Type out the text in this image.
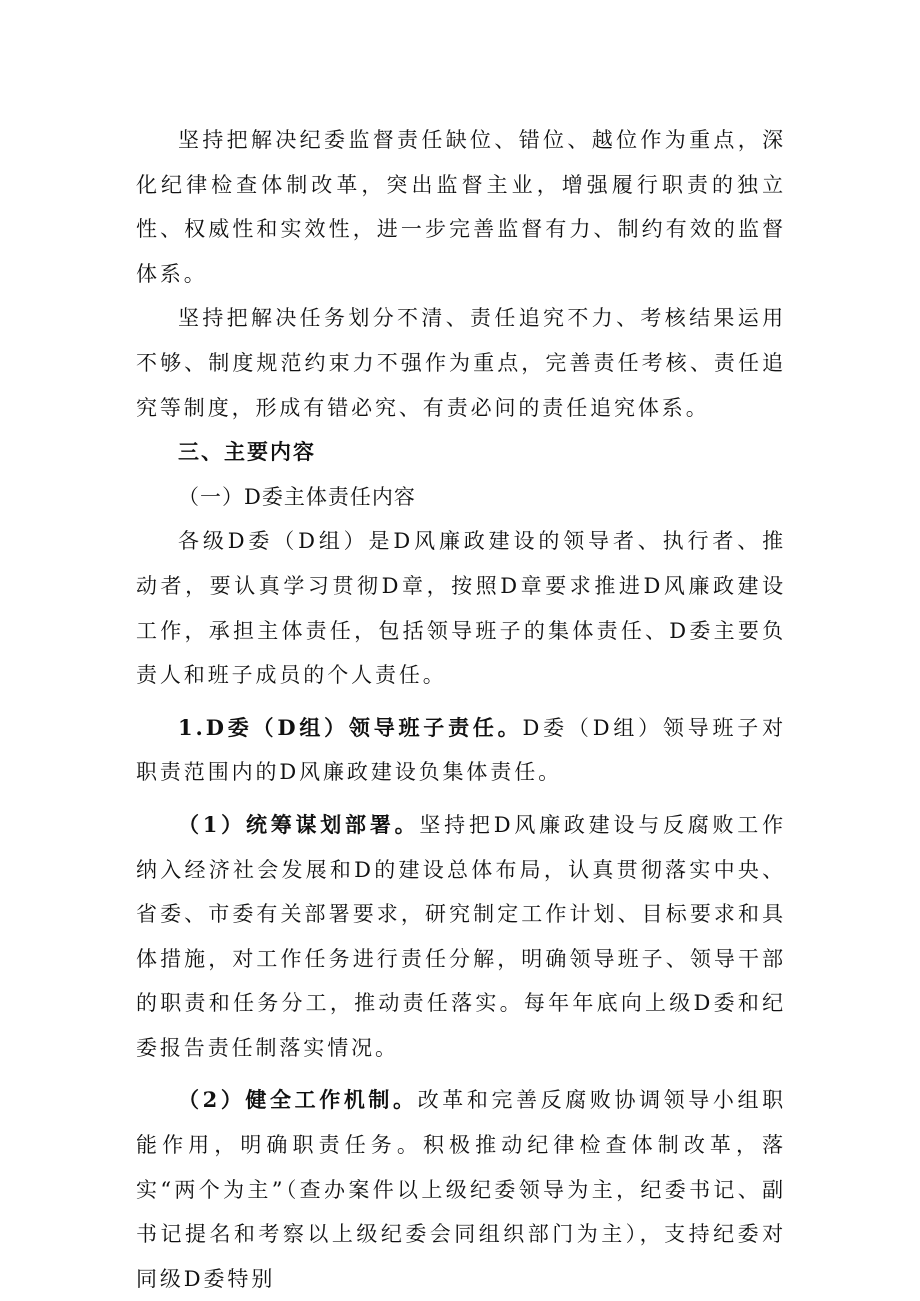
坚持把解决纪委监督责任缺位、错位、越位作为重点，深化纪律检查体制改革，突出监督主业，增强履行职责的独立性、权威性和实效性，进一步完善监督有力、制约有效的监督体系。

坚持把解决任务划分不清、责任追究不力、考核结果运用不够、制度规范约束力不强作为重点，完善责任考核、责任追究等制度，形成有错必究、有责必问的责任追究体系。

三、主要内容
（一）D委主体责任内容

各级D委（D组）是D风廉政建设的领导者、执行者、推动者，要认真学习贯彻D章，按照D章要求推进D风廉政建设工作，承担主体责任，包括领导班子的集体责任、D委主要负责人和班子成员的个人责任。

1.D委（D组）领导班子责任。D委（D组）领导班子对职责范围内的D风廉政建设负集体责任。

（1）统筹谋划部署。坚持把D风廉政建设与反腐败工作纳入经济社会发展和D的建设总体布局，认真贯彻落实中央、省委、市委有关部署要求，研究制定工作计划、目标要求和具体措施，对工作任务进行责任分解，明确领导班子、领导干部的职责和任务分工，推动责任落实。每年年底向上级D委和纪委报告责任制落实情况。

（2）健全工作机制。改革和完善反腐败协调领导小组职能作用，明确职责任务。积极推动纪律检查体制改革，落实“两个为主”（查办案件以上级纪委领导为主，纪委书记、副书记提名和考察以上级纪委会同组织部门为主），支持纪委对同级D委特别
